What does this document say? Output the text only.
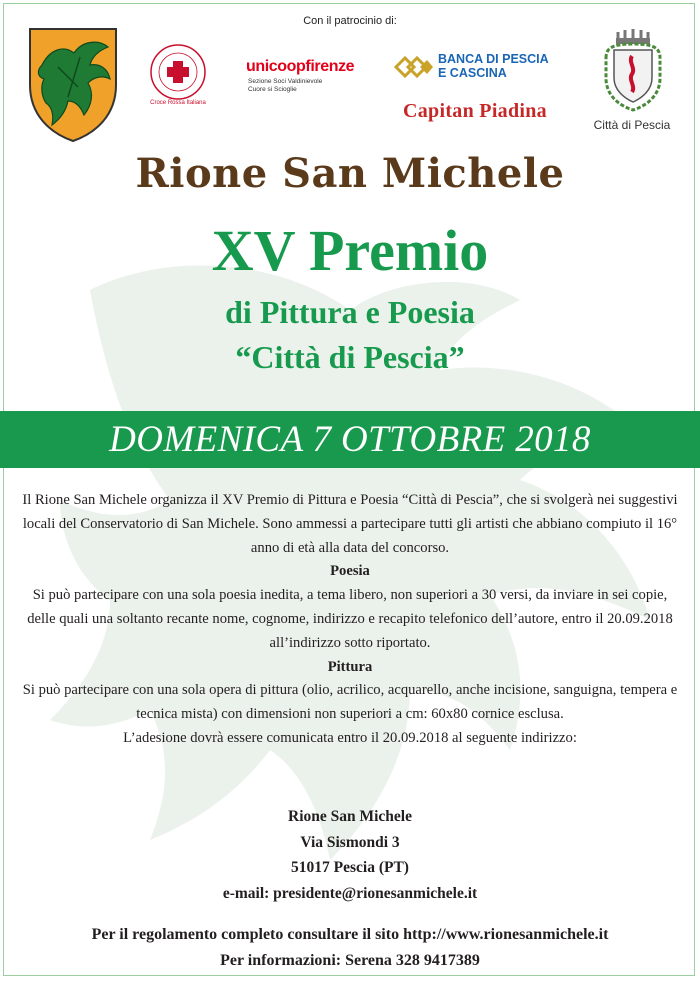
Con il patrocinio di:
Croce Rossa Italiana
unicoopfirenze
Sezione Soci Valdinievole
Cuore si Scioglie
BANCA DI PESCIA
E CASCINA
Capitan Piadina
Città di Pescia
Rione San Michele
XV Premio
di Pittura e Poesia
“Città di Pescia”
DOMENICA 7 OTTOBRE 2018

Il Rione San Michele organizza il XV Premio di Pittura e Poesia “Città di Pescia”, che si svolgerà nei suggestivi locali del Conservatorio di San Michele. Sono ammessi a partecipare tutti gli artisti che abbiano compiuto il 16° anno di età alla data del concorso.

Poesia

Si può partecipare con una sola poesia inedita, a tema libero, non superiori a 30 versi, da inviare in sei copie, delle quali una soltanto recante nome, cognome, indirizzo e recapito telefonico dell’autore, entro il 20.09.2018 all’indirizzo sotto riportato.

Pittura

Si può partecipare con una sola opera di pittura (olio, acrilico, acquarello, anche incisione, sanguigna, tempera e tecnica mista) con dimensioni non superiori a cm: 60x80 cornice esclusa.

L’adesione dovrà essere comunicata entro il 20.09.2018 al seguente indirizzo:

Rione San Michele
Via Sismondi 3
51017 Pescia (PT)
e-mail: presidente@rionesanmichele.it
Per il regolamento completo consultare il sito http://www.rionesanmichele.it
Per informazioni: Serena 328 9417389
